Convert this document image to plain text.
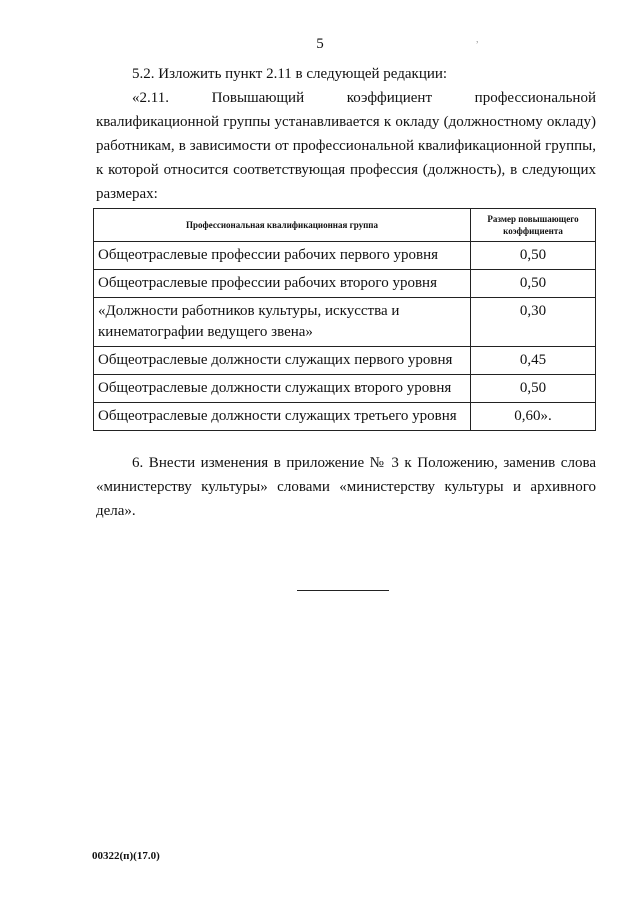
5	,
5.2. Изложить пункт 2.11 в следующей редакции:
«2.11. Повышающий коэффициент профессиональной квалификационной группы устанавливается к окладу (должностному окладу) работникам, в зависимости от профессиональной квалификационной группы, к которой относится соответствующая профессия (должность), в следующих размерах:
Профессиональная квалификационная группа	Размер повышающего коэффициента
Общеотраслевые профессии рабочих первого уровня	0,50
Общеотраслевые профессии рабочих второго уровня	0,50
«Должности работников культуры, искусства и кинематографии ведущего звена»	0,30
Общеотраслевые должности служащих первого уровня	0,45
Общеотраслевые должности служащих второго уровня	0,50
Общеотраслевые должности служащих третьего уровня	0,60».
6. Внести изменения в приложение № 3 к Положению, заменив слова «министерству культуры» словами «министерству культуры и архивного дела».
00322(п)(17.0)
